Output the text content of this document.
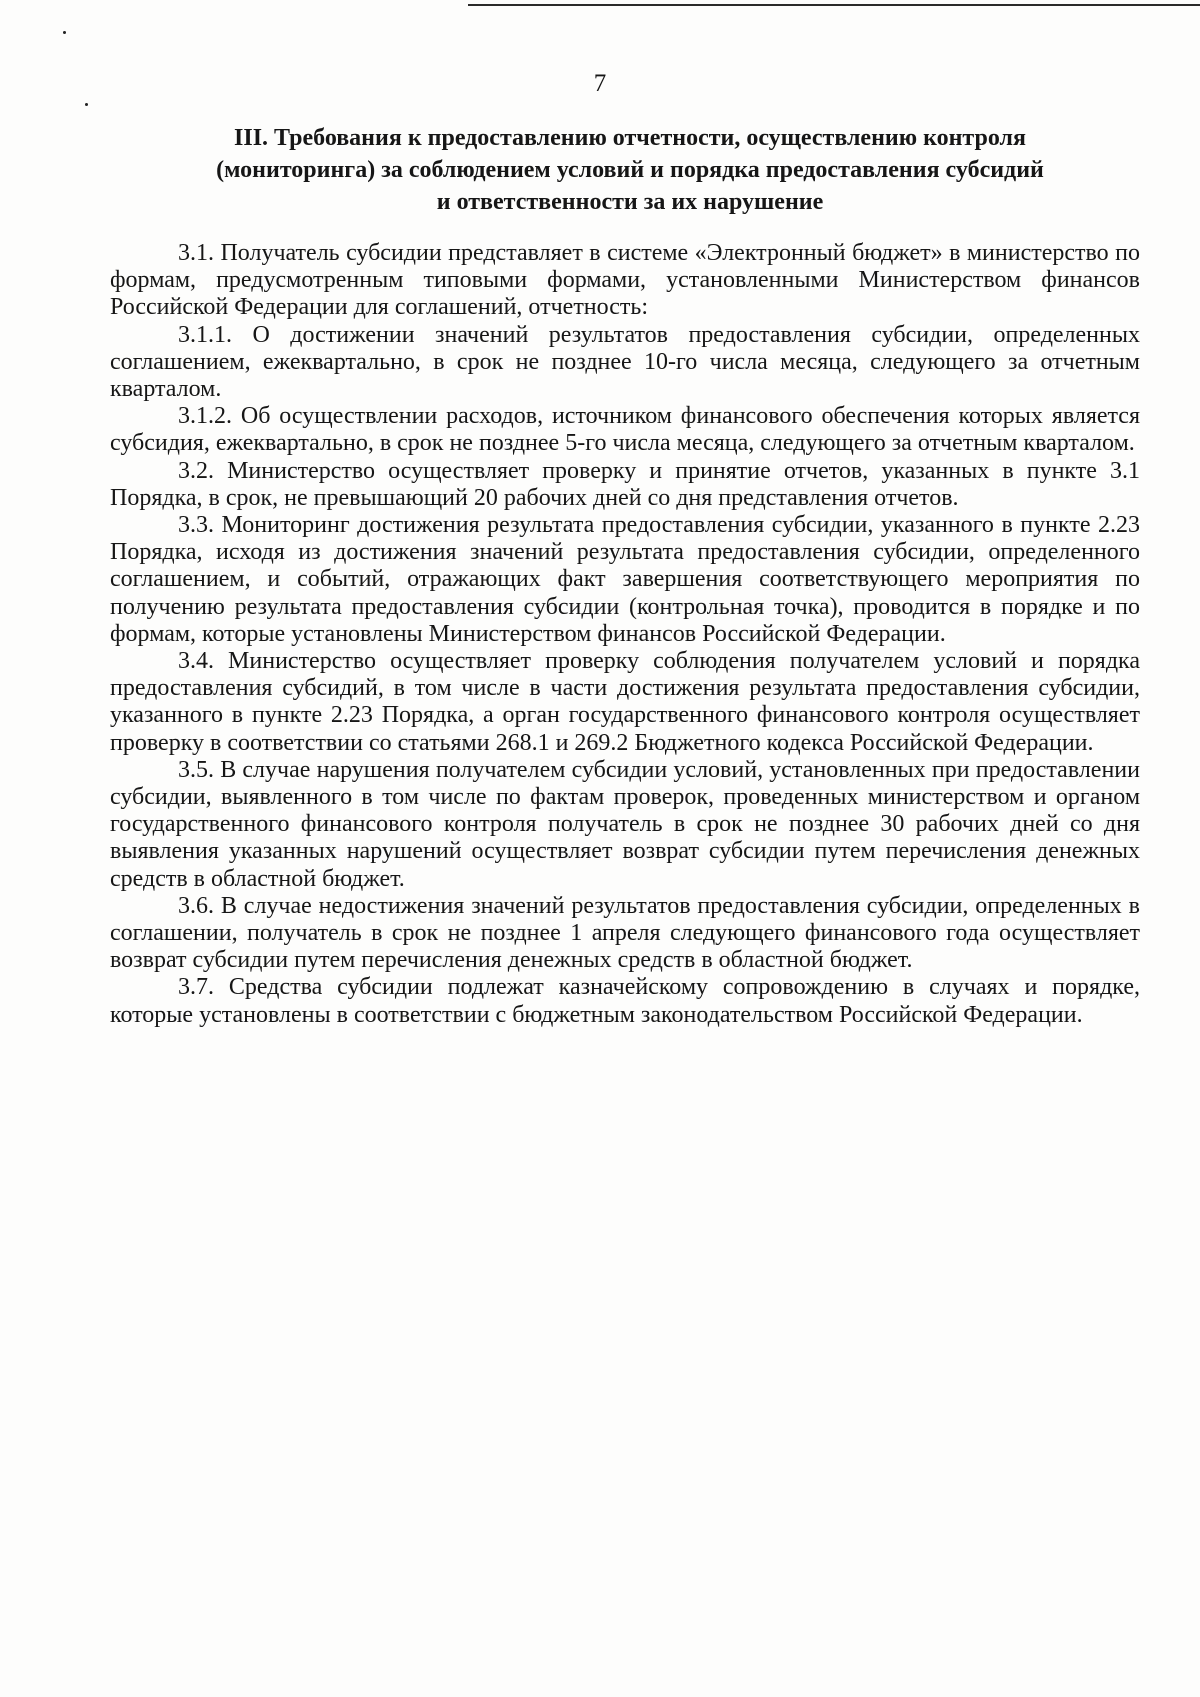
7

III. Требования к предоставлению отчетности, осуществлению контроля
(мониторинга) за соблюдением условий и порядка предоставления субсидий
и ответственности за их нарушение

3.1. Получатель субсидии представляет в системе «Электронный бюджет» в министерство по формам, предусмотренным типовыми формами, установленными Министерством финансов Российской Федерации для соглашений, отчетность:

3.1.1. О достижении значений результатов предоставления субсидии, определенных соглашением, ежеквартально, в срок не позднее 10-го числа месяца, следующего за отчетным кварталом.

3.1.2. Об осуществлении расходов, источником финансового обеспечения которых является субсидия, ежеквартально, в срок не позднее 5-го числа месяца, следующего за отчетным кварталом.

3.2. Министерство осуществляет проверку и принятие отчетов, указанных в пункте 3.1 Порядка, в срок, не превышающий 20 рабочих дней со дня представления отчетов.

3.3. Мониторинг достижения результата предоставления субсидии, указанного в пункте 2.23 Порядка, исходя из достижения значений результата предоставления субсидии, определенного соглашением, и событий, отражающих факт завершения соответствующего мероприятия по получению результата предоставления субсидии (контрольная точка), проводится в порядке и по формам, которые установлены Министерством финансов Российской Федерации.

3.4. Министерство осуществляет проверку соблюдения получателем условий и порядка предоставления субсидий, в том числе в части достижения результата предоставления субсидии, указанного в пункте 2.23 Порядка, а орган государственного финансового контроля осуществляет проверку в соответствии со статьями 268.1 и 269.2 Бюджетного кодекса Российской Федерации.

3.5. В случае нарушения получателем субсидии условий, установленных при предоставлении субсидии, выявленного в том числе по фактам проверок, проведенных министерством и органом государственного финансового контроля получатель в срок не позднее 30 рабочих дней со дня выявления указанных нарушений осуществляет возврат субсидии путем перечисления денежных средств в областной бюджет.

3.6. В случае недостижения значений результатов предоставления субсидии, определенных в соглашении, получатель в срок не позднее 1 апреля следующего финансового года осуществляет возврат субсидии путем перечисления денежных средств в областной бюджет.

3.7. Средства субсидии подлежат казначейскому сопровождению в случаях и порядке, которые установлены в соответствии с бюджетным законодательством Российской Федерации.
